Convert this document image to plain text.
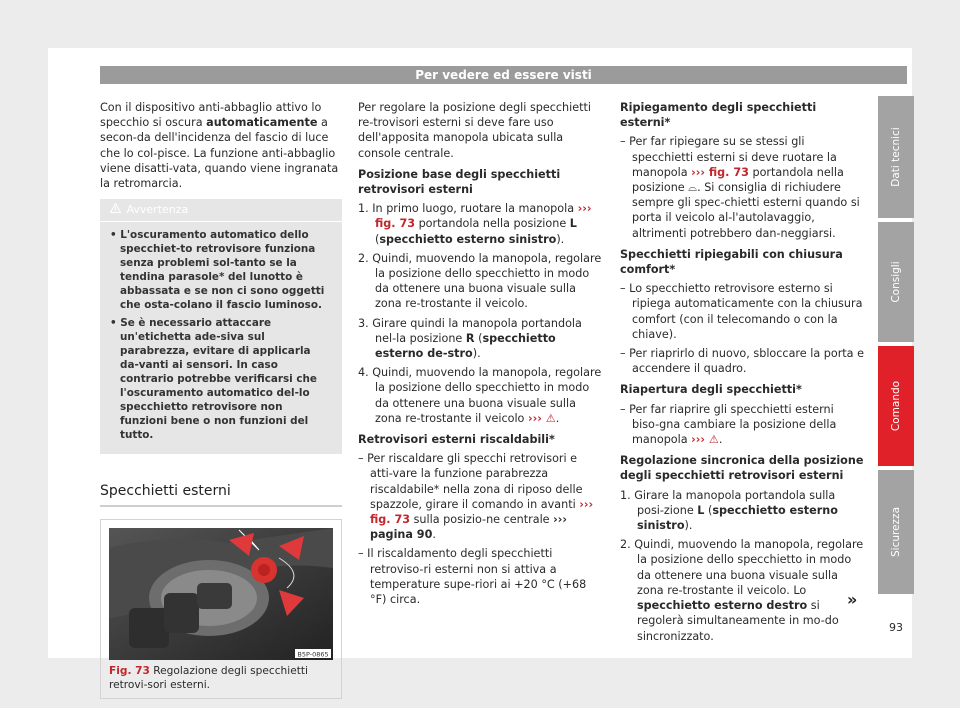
Per vedere ed essere visti

Con il dispositivo anti-abbaglio attivo lo specchio si oscura automaticamente a secon-da dell'incidenza del fascio di luce che lo col-pisce. La funzione anti-abbaglio viene disatti-vata, quando viene ingranata la retromarcia.

Avvertenza
• L'oscuramento automatico dello specchiet-to retrovisore funziona senza problemi sol-tanto se la tendina parasole* del lunotto è abbassata e se non ci sono oggetti che osta-colano il fascio luminoso.
• Se è necessario attaccare un'etichetta ade-siva sul parabrezza, evitare di applicarla da-vanti ai sensori. In caso contrario potrebbe verificarsi che l'oscuramento automatico del-lo specchietto retrovisore non funzioni bene o non funzioni del tutto.
Specchietti esterni
B5P-0865
Fig. 73 Regolazione degli specchietti retrovi-sori esterni.

Per regolare la posizione degli specchietti re-trovisori esterni si deve fare uso dell'apposita manopola ubicata sulla console centrale.

Posizione base degli specchietti retrovisori esterni
1. In primo luogo, ruotare la manopola ››› fig. 73 portandola nella posizione L (specchietto esterno sinistro).
2. Quindi, muovendo la manopola, regolare la posizione dello specchietto in modo da ottenere una buona visuale sulla zona re-trostante il veicolo.
3. Girare quindi la manopola portandola nel-la posizione R (specchietto esterno de-stro).
4. Quindi, muovendo la manopola, regolare la posizione dello specchietto in modo da ottenere una buona visuale sulla zona re-trostante il veicolo ››› ⚠.
Retrovisori esterni riscaldabili*
– Per riscaldare gli specchi retrovisori e atti-vare la funzione parabrezza riscaldabile* nella zona di riposo delle spazzole, girare il comando in avanti ››› fig. 73 sulla posizio-ne centrale ››› pagina 90.
– Il riscaldamento degli specchietti retroviso-ri esterni non si attiva a temperature supe-riori ai +20 °C (+68 °F) circa.
Ripiegamento degli specchietti esterni*
– Per far ripiegare su se stessi gli specchietti esterni si deve ruotare la manopola ››› fig. 73 portandola nella posizione ⌓. Si consiglia di richiudere sempre gli spec-chietti esterni quando si porta il veicolo al-l'autolavaggio, altrimenti potrebbero dan-neggiarsi.
Specchietti ripiegabili con chiusura comfort*
– Lo specchietto retrovisore esterno si ripiega automaticamente con la chiusura comfort (con il telecomando o con la chiave).
– Per riaprirlo di nuovo, sbloccare la porta e accendere il quadro.
Riapertura degli specchietti*
– Per far riaprire gli specchietti esterni biso-gna cambiare la posizione della manopola ››› ⚠.
Regolazione sincronica della posizione degli specchietti retrovisori esterni
1. Girare la manopola portandola sulla posi-zione L (specchietto esterno sinistro).
2. Quindi, muovendo la manopola, regolare la posizione dello specchietto in modo da ottenere una buona visuale sulla zona re-trostante il veicolo. Lo specchietto esterno destro si regolerà simultaneamente in mo-do sincronizzato.
»
Dati tecnici
Consigli
Comando
Sicurezza
93
